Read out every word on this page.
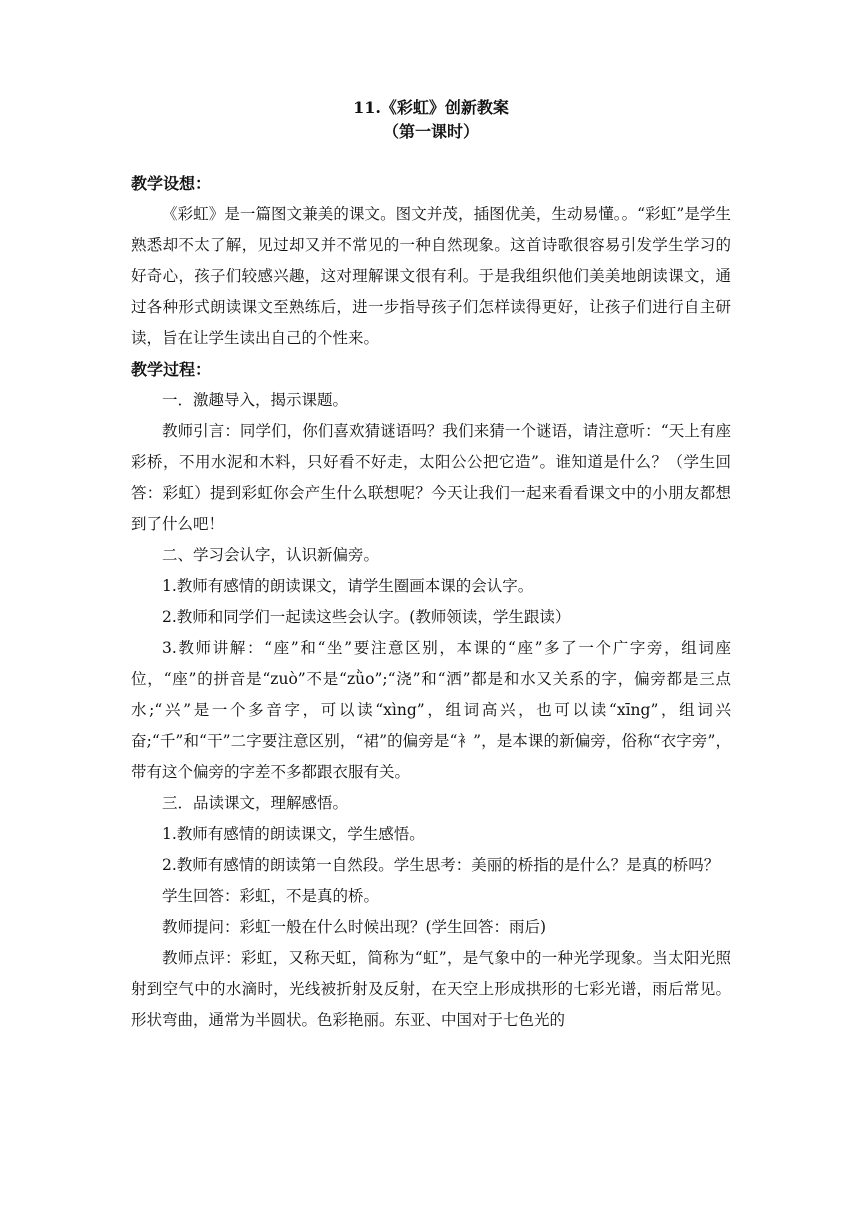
11.《彩虹》创新教案

（第一课时）

教学设想：

《彩虹》是一篇图文兼美的课文。图文并茂，插图优美，生动易懂。。“彩虹”是学生熟悉却不太了解，见过却又并不常见的一种自然现象。这首诗歌很容易引发学生学习的好奇心，孩子们较感兴趣，这对理解课文很有利。于是我组织他们美美地朗读课文，通过各种形式朗读课文至熟练后，进一步指导孩子们怎样读得更好，让孩子们进行自主研读，旨在让学生读出自己的个性来。

教学过程：

一．激趣导入，揭示课题。

教师引言：同学们，你们喜欢猜谜语吗？我们来猜一个谜语，请注意听：“天上有座彩桥，不用水泥和木料，只好看不好走，太阳公公把它造”。谁知道是什么？（学生回答：彩虹）提到彩虹你会产生什么联想呢？今天让我们一起来看看课文中的小朋友都想到了什么吧！

二、学习会认字，认识新偏旁。

1.教师有感情的朗读课文，请学生圈画本课的会认字。

2.教师和同学们一起读这些会认字。(教师领读，学生跟读）

3.教师讲解：“座”和“坐”要注意区别，本课的“座”多了一个广字旁，组词座位，“座”的拼音是“zuò”不是“zǜo”;“浇”和“洒”都是和水又关系的字，偏旁都是三点水;“兴”是一个多音字，可以读“xìng”，组词高兴，也可以读“xīng”，组词兴奋;“千”和“干”二字要注意区别，“裙”的偏旁是“衤”，是本课的新偏旁，俗称“衣字旁”，带有这个偏旁的字差不多都跟衣服有关。

三．品读课文，理解感悟。

1.教师有感情的朗读课文，学生感悟。

2.教师有感情的朗读第一自然段。学生思考：美丽的桥指的是什么？是真的桥吗？

学生回答：彩虹，不是真的桥。

教师提问：彩虹一般在什么时候出现？(学生回答：雨后)

教师点评：彩虹，又称天虹，简称为“虹”，是气象中的一种光学现象。当太阳光照射到空气中的水滴时，光线被折射及反射，在天空上形成拱形的七彩光谱，雨后常见。形状弯曲，通常为半圆状。色彩艳丽。东亚、中国对于七色光的
